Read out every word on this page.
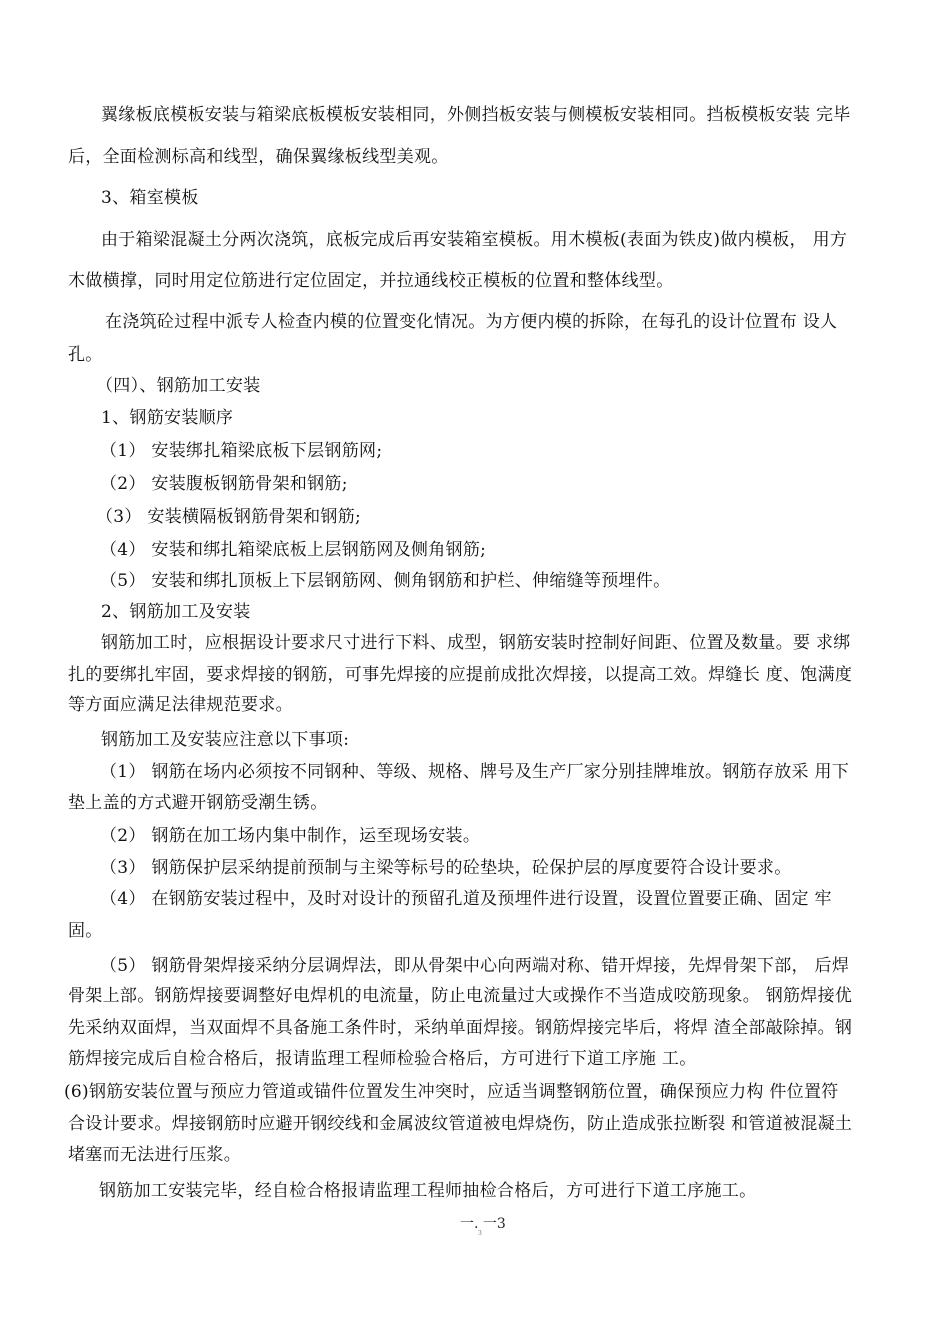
翼缘板底模板安装与箱梁底板模板安装相同，外侧挡板安装与侧模板安装相同。挡板模板安装 完毕
后，全面检测标高和线型，确保翼缘板线型美观。
3、箱室模板
由于箱梁混凝土分两次浇筑，底板完成后再安装箱室模板。用木模板(表面为铁皮)做内模板， 用方
木做横撑，同时用定位筋进行定位固定，并拉通线校正模板的位置和整体线型。
在浇筑砼过程中派专人检查内模的位置变化情况。为方便内模的拆除，在每孔的设计位置布 设人
孔。
（四）、钢筋加工安装
1、钢筋安装顺序
（1） 安装绑扎箱梁底板下层钢筋网;
（2） 安装腹板钢筋骨架和钢筋;
（3） 安装横隔板钢筋骨架和钢筋;
（4） 安装和绑扎箱梁底板上层钢筋网及侧角钢筋;
（5） 安装和绑扎顶板上下层钢筋网、侧角钢筋和护栏、伸缩缝等预埋件。
2、钢筋加工及安装
钢筋加工时，应根据设计要求尺寸进行下料、成型，钢筋安装时控制好间距、位置及数量。要 求绑
扎的要绑扎牢固，要求焊接的钢筋，可事先焊接的应提前成批次焊接，以提高工效。焊缝长 度、饱满度
等方面应满足法律规范要求。
钢筋加工及安装应注意以下事项:
（1） 钢筋在场内必须按不同钢种、等级、规格、牌号及生产厂家分别挂牌堆放。钢筋存放采 用下
垫上盖的方式避开钢筋受潮生锈。
（2） 钢筋在加工场内集中制作，运至现场安装。
（3） 钢筋保护层采纳提前预制与主梁等标号的砼垫块，砼保护层的厚度要符合设计要求。
（4） 在钢筋安装过程中，及时对设计的预留孔道及预埋件进行设置，设置位置要正确、固定 牢
固。
（5） 钢筋骨架焊接采纳分层调焊法，即从骨架中心向两端对称、错开焊接，先焊骨架下部， 后焊
骨架上部。钢筋焊接要调整好电焊机的电流量，防止电流量过大或操作不当造成咬筋现象。 钢筋焊接优
先采纳双面焊，当双面焊不具备施工条件时，采纳单面焊接。钢筋焊接完毕后，将焊 渣全部敲除掉。钢
筋焊接完成后自检合格后，报请监理工程师检验合格后，方可进行下道工序施 工。
(6)钢筋安装位置与预应力管道或锚件位置发生冲突时，应适当调整钢筋位置，确保预应力构 件位置符
合设计要求。焊接钢筋时应避开钢绞线和金属波纹管道被电焊烧伤，防止造成张拉断裂 和管道被混凝土
堵塞而无法进行压浆。
钢筋加工安装完毕，经自检合格报请监理工程师抽检合格后，方可进行下道工序施工。
一. 一3
3
